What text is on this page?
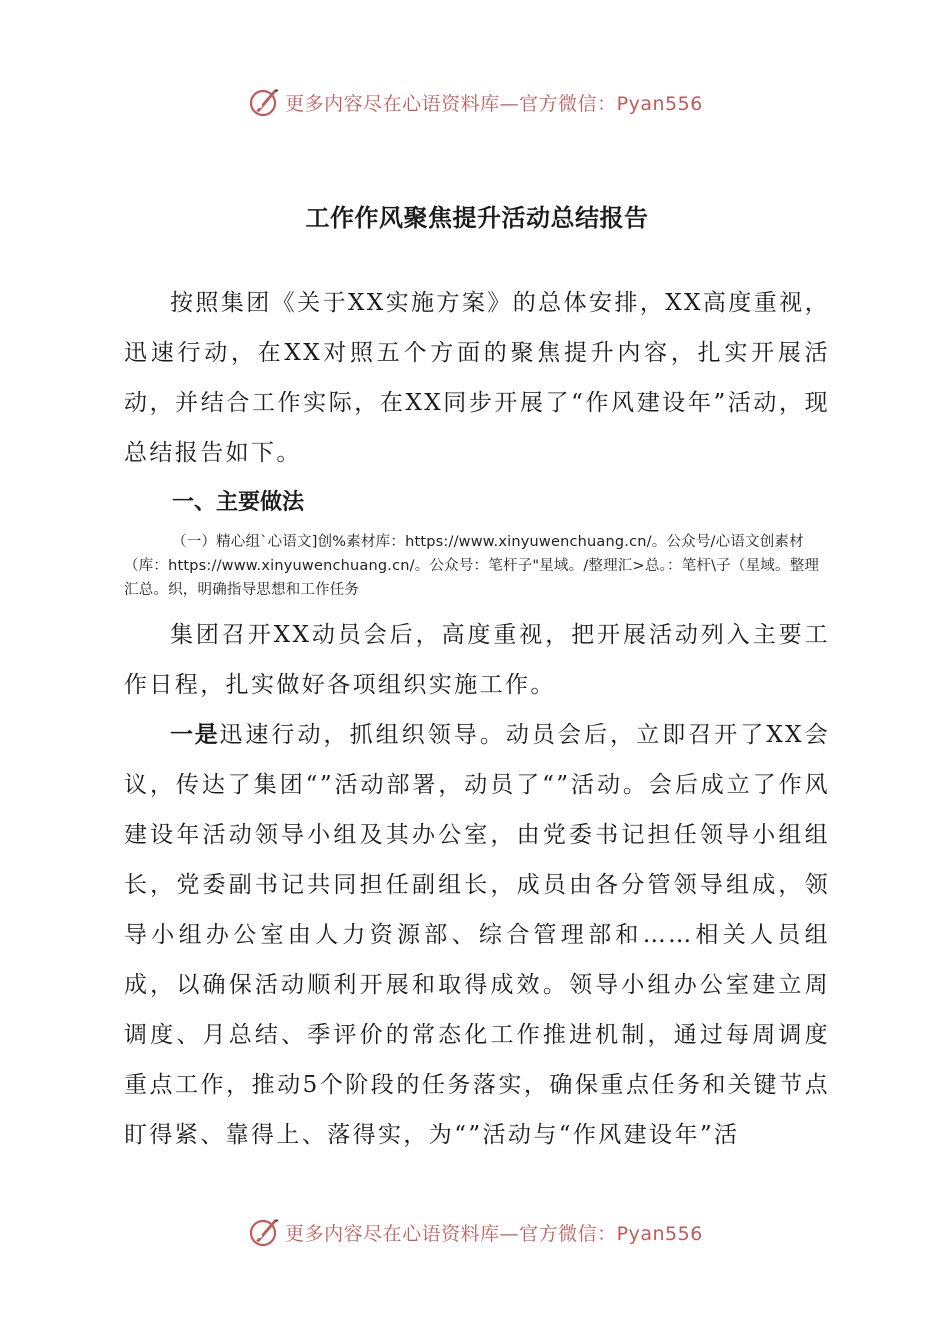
更多内容尽在心语资料库—官方微信：Pyan556
工作作风聚焦提升活动总结报告

按照集团《关于XX实施方案》的总体安排，XX高度重视，迅速行动，在XX对照五个方面的聚焦提升内容，扎实开展活动，并结合工作实际，在XX同步开展了“作风建设年”活动，现总结报告如下。

一、主要做法

（一）精心组`心语文]创%素材库：https://www.xinyuwenchuang.cn/。公众号/心语文创素材（库：https://www.xinyuwenchuang.cn/。公众号：笔杆子"星域。/整理汇>总。：笔杆\子（星域。整理汇总。织，明确指导思想和工作任务

集团召开XX动员会后，高度重视，把开展活动列入主要工作日程，扎实做好各项组织实施工作。

一是迅速行动，抓组织领导。动员会后，立即召开了XX会议，传达了集团“”活动部署，动员了“”活动。会后成立了作风建设年活动领导小组及其办公室，由党委书记担任领导小组组长，党委副书记共同担任副组长，成员由各分管领导组成，领导小组办公室由人力资源部、综合管理部和……相关人员组成，以确保活动顺利开展和取得成效。领导小组办公室建立周调度、月总结、季评价的常态化工作推进机制，通过每周调度重点工作，推动5个阶段的任务落实，确保重点任务和关键节点盯得紧、靠得上、落得实，为“”活动与“作风建设年”活

更多内容尽在心语资料库—官方微信：Pyan556
